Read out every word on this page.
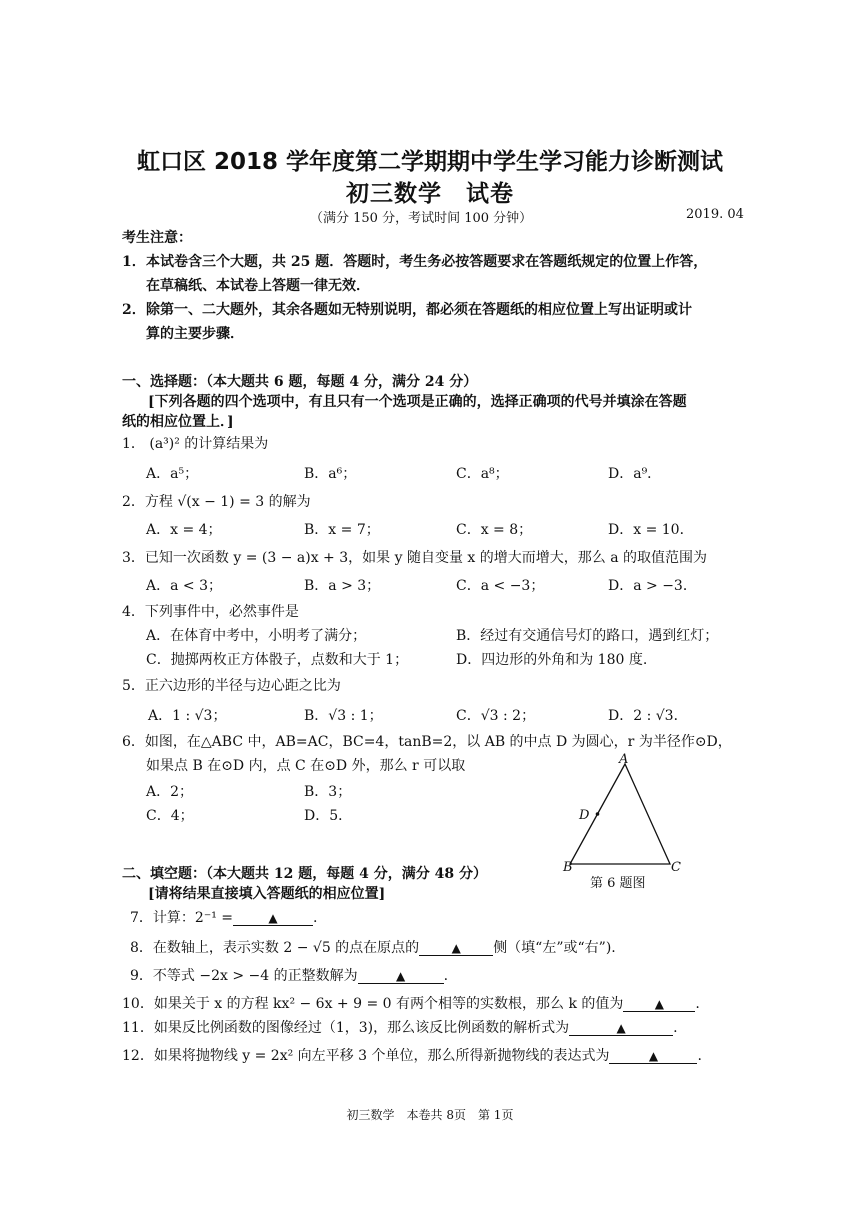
虹口区 2018 学年度第二学期期中学生学习能力诊断测试
初三数学　试卷
（满分 150 分，考试时间 100 分钟）	2019. 04
考生注意：
1． 本试卷含三个大题，共 25 题．答题时，考生务必按答题要求在答题纸规定的位置上作答，
在草稿纸、本试卷上答题一律无效．
2． 除第一、二大题外，其余各题如无特别说明，都必须在答题纸的相应位置上写出证明或计
算的主要步骤．
一、选择题：（本大题共 6 题，每题 4 分，满分 24 分）
[下列各题的四个选项中，有且只有一个选项是正确的，选择正确项的代号并填涂在答题
纸的相应位置上．]
1． (a³)² 的计算结果为
A．a⁵；	B．a⁶；	C．a⁸；	D．a⁹．
2．方程 √(x − 1) = 3 的解为
A．x = 4；	B．x = 7；	C．x = 8；	D．x = 10．
3．已知一次函数 y = (3 − a)x + 3，如果 y 随自变量 x 的增大而增大，那么 a 的取值范围为
A．a < 3；	B．a > 3；	C．a < −3；	D．a > −3．
4．下列事件中，必然事件是
A．在体育中考中，小明考了满分；	B．经过有交通信号灯的路口，遇到红灯；
C．抛掷两枚正方体骰子，点数和大于 1；	D．四边形的外角和为 180 度.
5．正六边形的半径与边心距之比为
A．1 : √3；	B．√3 : 1；	C．√3 : 2；	D．2 : √3．
6．如图，在△ABC 中，AB=AC，BC=4，tanB=2，以 AB 的中点 D 为圆心，r 为半径作⊙D，
如果点 B 在⊙D 内，点 C 在⊙D 外，那么 r 可以取
A．2；	B．3；
C．4；	D．5．
A
D
B	C
第 6 题图
二、填空题：（本大题共 12 题，每题 4 分，满分 48 分）
[请将结果直接填入答题纸的相应位置]
7．计算：2⁻¹ =	▲	.
8．在数轴上，表示实数 2 − √5 的点在原点的	▲ 侧（填“左”或“右”).
9．不等式 −2x > −4 的正整数解为	▲	.
10．如果关于 x 的方程 kx² − 6x + 9 = 0 有两个相等的实数根，那么 k 的值为	▲ .
11．如果反比例函数的图像经过（1，3)，那么该反比例函数的解析式为	▲	.
12．如果将抛物线 y = 2x² 向左平移 3 个单位，那么所得新抛物线的表达式为	▲	.
初三数学　本卷共 8页　第 1页
